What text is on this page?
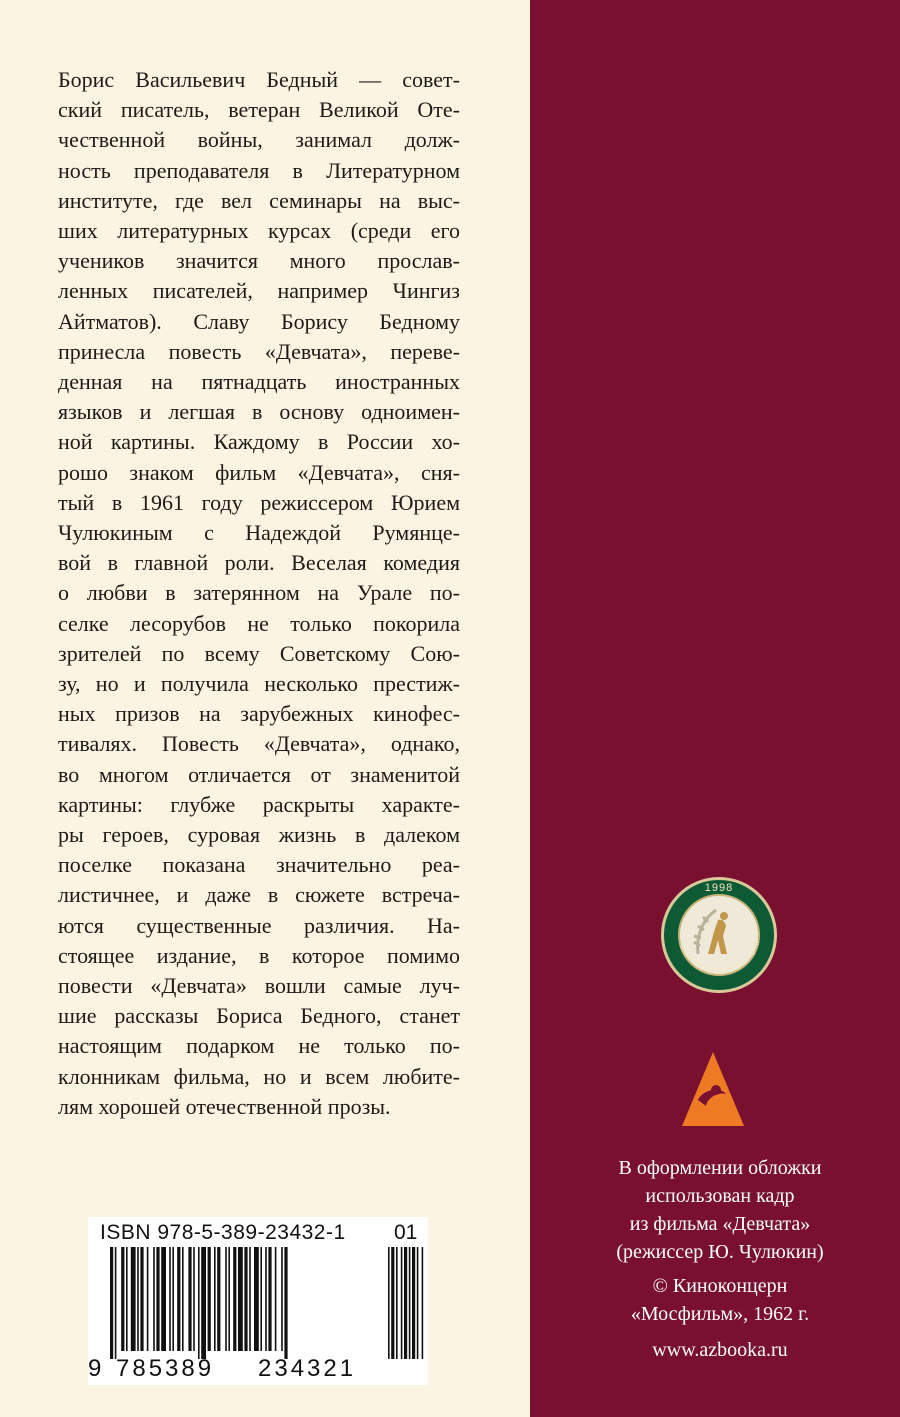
Борис Васильевич Бедный — совет-
ский писатель, ветеран Великой Оте-
чественной войны, занимал долж-
ность преподавателя в Литературном
институте, где вел семинары на выс-
ших литературных курсах (среди его
учеников значится много прослав-
ленных писателей, например Чингиз
Айтматов). Славу Борису Бедному
принесла повесть «Девчата», переве-
денная на пятнадцать иностранных
языков и легшая в основу одноимен-
ной картины. Каждому в России хо-
рошо знаком фильм «Девчата», сня-
тый в 1961 году режиссером Юрием
Чулюкиным с Надеждой Румянце-
вой в главной роли. Веселая комедия
о любви в затерянном на Урале по-
селке лесорубов не только покорила
зрителей по всему Советскому Сою-
зу, но и получила несколько престиж-
ных призов на зарубежных кинофес-
тивалях. Повесть «Девчата», однако,
во многом отличается от знаменитой
картины: глубже раскрыты характе-
ры героев, суровая жизнь в далеком
поселке показана значительно реа-
листичнее, и даже в сюжете встреча-
ются существенные различия. На-
стоящее издание, в которое помимо
повести «Девчата» вошли самые луч-
шие рассказы Бориса Бедного, станет
настоящим подарком не только по-
клонникам фильма, но и всем любите-
лям хорошей отечественной прозы.
ЗНАК ОБЩЕСТВЕННОГО ПР
1998
В оформлении обложки
использован кадр
из фильма «Девчата»
(режиссер Ю. Чулюкин)
© Киноконцерн
«Мосфильм», 1962 г.
www.azbooka.ru
ISBN 978-5-389-23432-1 01
9 785389 234321
